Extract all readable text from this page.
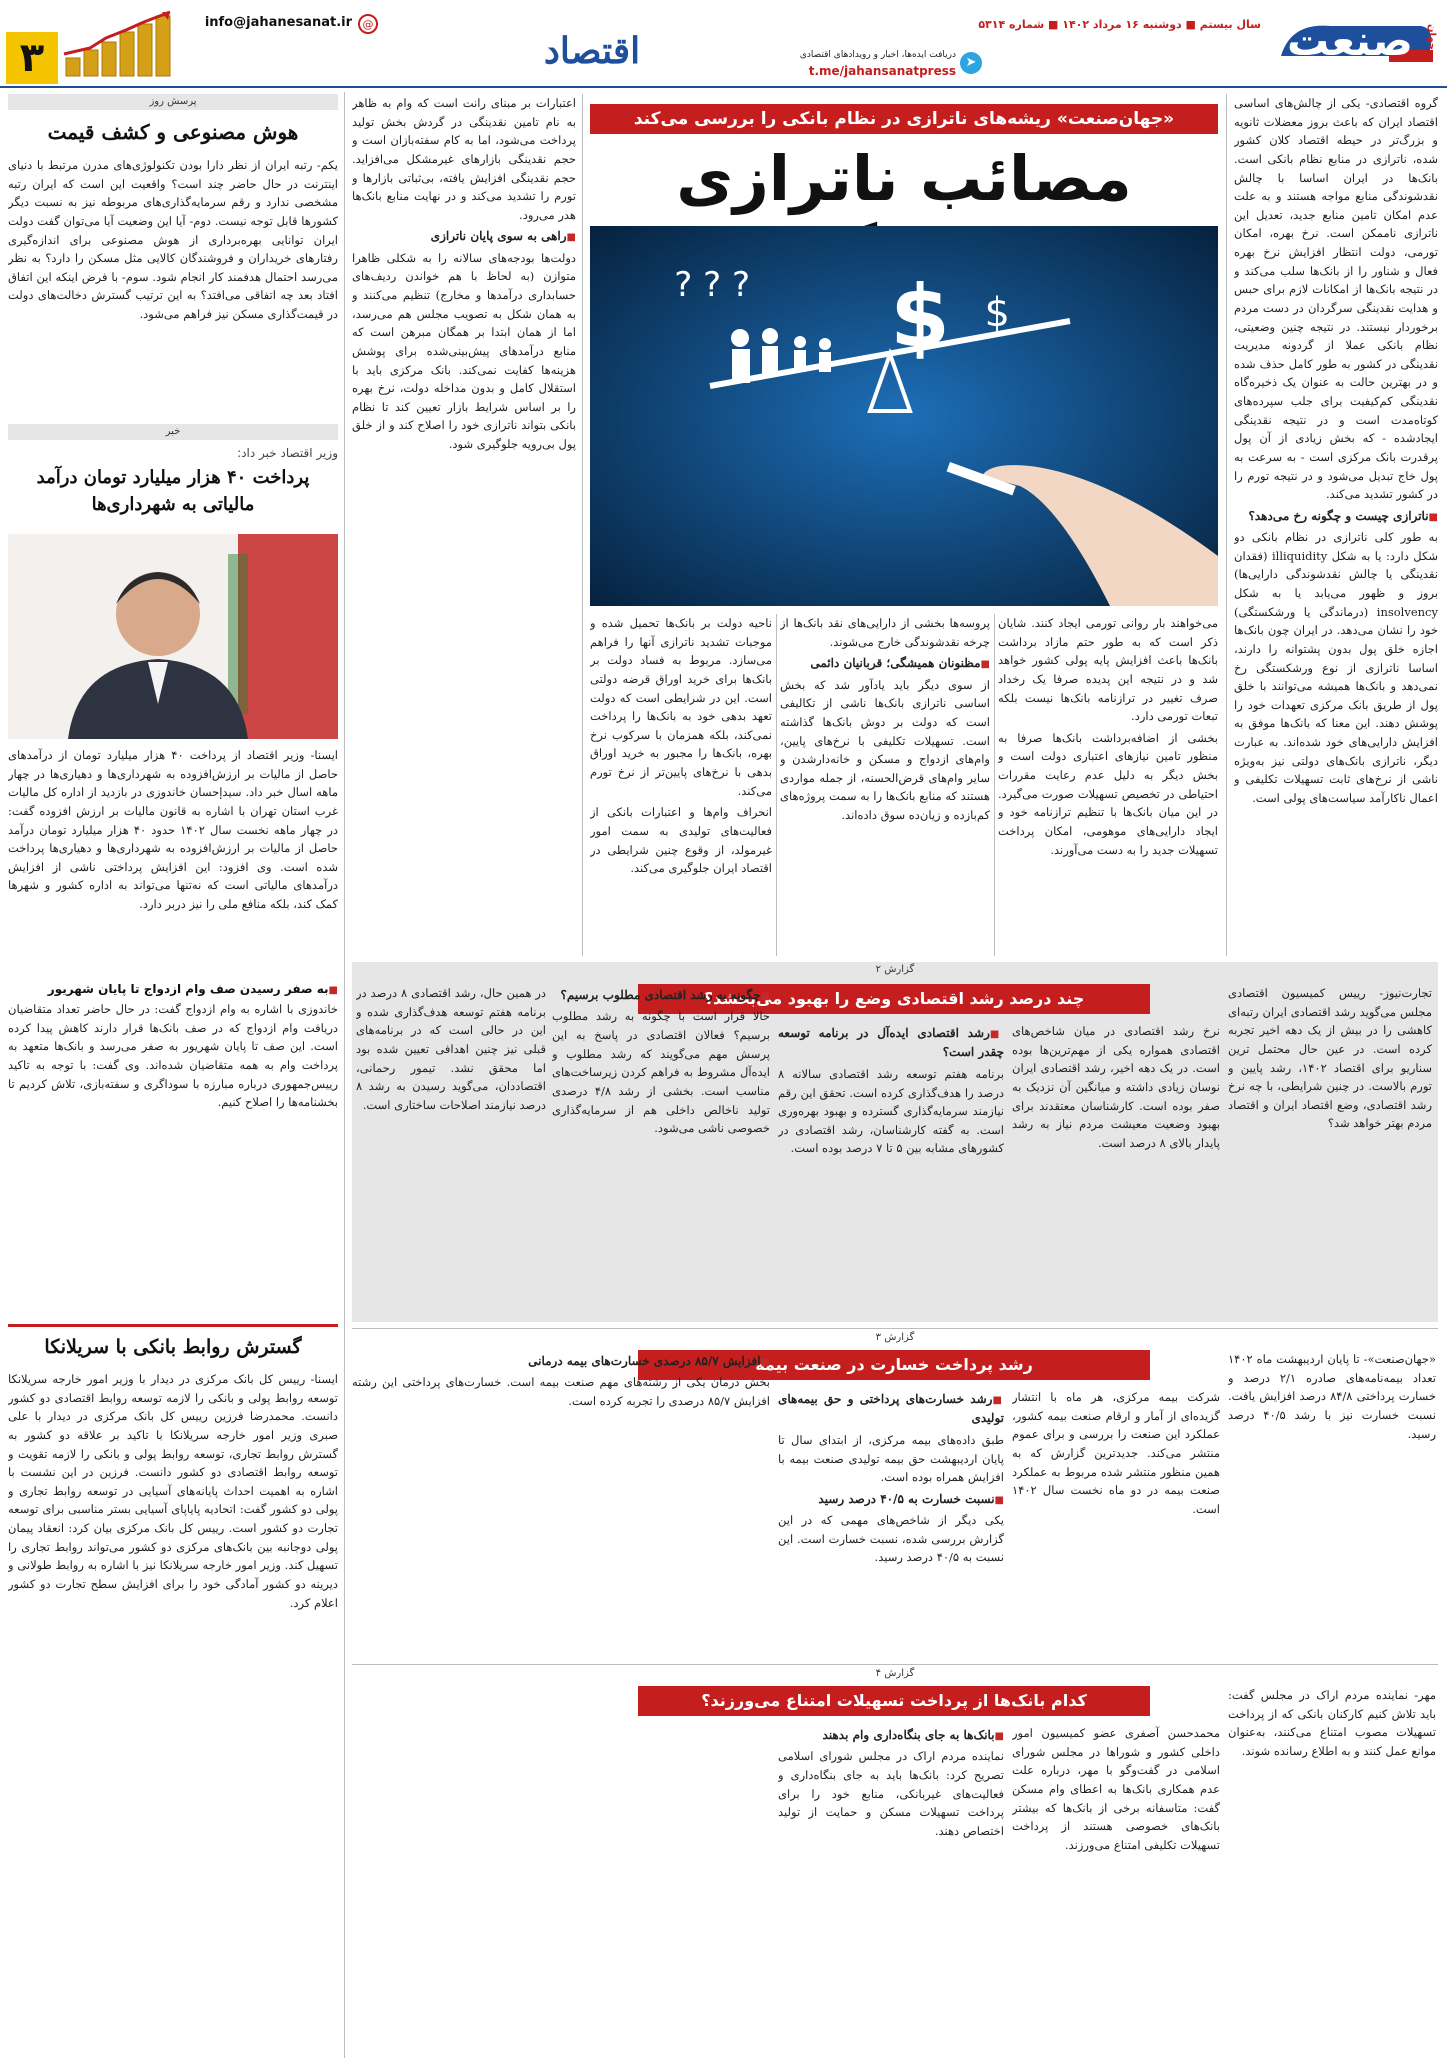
صنعت جهان
سال بیستم ■ دوشنبه ۱۶ مرداد ۱۴۰۲ ■ شماره ۵۳۱۴
➤
دریافت ایده‌ها، اخبار و رویدادهای اقتصادی
t.me/jahansanatpress
اقتصاد
@
info@jahanesanat.ir
۳
پرسش روز
هوش مصنوعی و کشف قیمت
یکم- رتبه ایران از نظر دارا بودن تکنولوژی‌های مدرن مرتبط با دنیای اینترنت در حال حاضر چند است؟ واقعیت این است که ایران رتبه مشخصی ندارد و رقم سرمایه‌گذاری‌های مربوطه نیز به نسبت دیگر کشورها قابل توجه نیست. دوم- آیا این وضعیت آیا می‌توان گفت دولت ایران توانایی بهره‌برداری از هوش مصنوعی برای اندازه‌گیری رفتارهای خریداران و فروشندگان کالایی مثل مسکن را دارد؟ به نظر می‌رسد احتمال هدفمند کار انجام شود. سوم- با فرض اینکه این اتفاق افتاد بعد چه اتفاقی می‌افتد؟ به این ترتیب گسترش دخالت‌های دولت در قیمت‌گذاری مسکن نیز فراهم می‌شود.
خبر
وزیر اقتصاد خبر داد:
پرداخت ۴۰ هزار میلیارد تومان درآمد مالیاتی به شهرداری‌ها
ایسنا- وزیر اقتصاد از پرداخت ۴۰ هزار میلیارد تومان از درآمدهای حاصل از مالیات بر ارزش‌افزوده به شهرداری‌ها و دهیاری‌ها در چهار ماهه اسال خبر داد. سیدإحسان خاندوزی در بازدید از اداره کل مالیات غرب استان تهران با اشاره به قانون مالیات بر ارزش افزوده گفت: در چهار ماهه نخست سال ۱۴۰۲ حدود ۴۰ هزار میلیارد تومان درآمد حاصل از مالیات بر ارزش‌افزوده به شهرداری‌ها و دهیاری‌ها پرداخت شده است. وی افزود: این افزایش پرداختی ناشی از افزایش درآمدهای مالیاتی است که نه‌تنها می‌تواند به اداره کشور و شهرها کمک کند، بلکه منافع ملی را نیز دربر دارد.
■ به صفر رسیدن صف وام ازدواج تا پایان شهریور
خاندوزی با اشاره به وام ازدواج گفت: در حال حاضر تعداد متقاضیان دریافت وام ازدواج که در صف بانک‌ها قرار دارند کاهش پیدا کرده است. این صف تا پایان شهریور به صفر می‌رسد و بانک‌ها متعهد به پرداخت وام به همه متقاضیان شده‌اند. وی گفت: با توجه به تاکید رییس‌جمهوری درباره مبارزه با سوداگری و سفته‌بازی، تلاش کردیم تا بخشنامه‌ها را اصلاح کنیم.
گسترش روابط بانکی با سریلانکا
ایسنا- رییس کل بانک مرکزی در دیدار با وزیر امور خارجه سریلانکا توسعه روابط پولی و بانکی را لازمه توسعه روابط اقتصادی دو کشور دانست. محمدرضا فرزین رییس کل بانک مرکزی در دیدار با علی صبری وزیر امور خارجه سریلانکا با تاکید بر علاقه دو کشور به گسترش روابط تجاری، توسعه روابط پولی و بانکی را لازمه تقویت و توسعه روابط اقتصادی دو کشور دانست. فرزین در این نشست با اشاره به اهمیت احداث پایانه‌های آسیایی در توسعه روابط تجاری و پولی دو کشور گفت: اتحادیه پایاپای آسیایی بستر مناسبی برای توسعه تجارت دو کشور است. رییس کل بانک مرکزی بیان کرد: انعقاد پیمان پولی دوجانبه بین بانک‌های مرکزی دو کشور می‌تواند روابط تجاری را تسهیل کند. وزیر امور خارجه سریلانکا نیز با اشاره به روابط طولانی و دیرینه دو کشور آمادگی خود را برای افزایش سطح تجارت دو کشور اعلام کرد.

گروه اقتصادی- یکی از چالش‌های اساسی اقتصاد ایران که باعث بروز معضلات ثانویه و بزرگ‌تر در حیطه اقتصاد کلان کشور شده، ناترازی در منابع نظام بانکی است. بانک‌ها در ایران اساسا با چالش نقدشوندگی منابع مواجه هستند و به علت عدم امکان تامین منابع جدید، تعدیل این ناترازی ناممکن است. نرخ بهره، امکان تورمی، دولت انتظار افزایش نرخ بهره فعال و شناور را از بانک‌ها سلب می‌کند و در نتیجه بانک‌ها از امکانات لازم برای حبس و هدایت نقدینگی سرگردان در دست مردم برخوردار نیستند. در نتیجه چنین وضعیتی، نظام بانکی عملا از گردونه مدیریت نقدینگی در کشور به طور کامل حذف شده و در بهترین حالت به عنوان یک ذخیره‌گاه نقدینگی کم‌کیفیت برای جلب سپرده‌های کوتاه‌مدت است و در نتیجه نقدینگی ایجادشده - که بخش زیادی از آن پول پرقدرت بانک مرکزی است - به سرعت به پول خاج تبدیل می‌شود و در نتیجه تورم را در کشور تشدید می‌کند.

■ ناترازی چیست و چگونه رخ می‌دهد؟

به طور کلی ناترازی در نظام بانکی دو شکل دارد: یا به شکل illiquidity (فقدان نقدینگی یا چالش نقدشوندگی دارایی‌ها) بروز و ظهور می‌یابد یا به شکل insolvency (درماندگی یا ورشکستگی) خود را نشان می‌دهد. در ایران چون بانک‌ها اجازه خلق پول بدون پشتوانه را دارند، اساسا ناترازی از نوع ورشکستگی رخ نمی‌دهد و بانک‌ها همیشه می‌توانند با خلق پول از طریق بانک مرکزی تعهدات خود را پوشش دهند. این معنا که بانک‌ها موفق به افزایش دارایی‌های خود شده‌اند. به عبارت دیگر، ناترازی بانک‌های دولتی نیز به‌ویژه ناشی از نرخ‌های ثابت تسهیلات تکلیفی و اعمال ناکارآمد سیاست‌های پولی است.

«جهان‌صنعت» ریشه‌های ناترازی در نظام بانکی را بررسی می‌کند
مصائب ناترازی
? ? ? $ $

می‌خواهند بار روانی تورمی ایجاد کنند. شایان ذکر است که به طور حتم مازاد برداشت بانک‌ها باعث افزایش پایه پولی کشور خواهد شد و در نتیجه این پدیده صرفا یک رخداد صرف تغییر در ترازنامه بانک‌ها نیست بلکه تبعات تورمی دارد.

بخشی از اضافه‌برداشت بانک‌ها صرفا به منظور تامین نیازهای اعتباری دولت است و بخش دیگر به دلیل عدم رعایت مقررات احتیاطی در تخصیص تسهیلات صورت می‌گیرد. در این میان بانک‌ها با تنظیم ترازنامه خود و ایجاد دارایی‌های موهومی، امکان پرداخت تسهیلات جدید را به دست می‌آورند.

پروسه‌ها بخشی از دارایی‌های نقد بانک‌ها از چرخه نقدشوندگی خارج می‌شوند.

■ مظنونان همیشگی؛ قربانیان دائمی

از سوی دیگر باید یادآور شد که بخش اساسی ناترازی بانک‌ها ناشی از تکالیفی است که دولت بر دوش بانک‌ها گذاشته است. تسهیلات تکلیفی با نرخ‌های پایین، وام‌های ازدواج و مسکن و خانه‌دارشدن و سایر وام‌های قرض‌الحسنه، از جمله مواردی هستند که منابع بانک‌ها را به سمت پروژه‌های کم‌بازده و زیان‌ده سوق داده‌اند.

ناحیه دولت بر بانک‌ها تحمیل شده و موجبات تشدید ناترازی آنها را فراهم می‌سازد. مربوط به فساد دولت بر بانک‌ها برای خرید اوراق قرضه دولتی است. این در شرایطی است که دولت تعهد بدهی خود به بانک‌ها را پرداخت نمی‌کند، بلکه همزمان با سرکوب نرخ بهره، بانک‌ها را مجبور به خرید اوراق بدهی با نرخ‌های پایین‌تر از نرخ تورم می‌کند.

انحراف وام‌ها و اعتبارات بانکی از فعالیت‌های تولیدی به سمت امور غیرمولد، از وقوع چنین شرایطی در اقتصاد ایران جلوگیری می‌کند.

اعتبارات بر مبنای رانت است که وام به ظاهر به نام تامین نقدینگی در گردش بخش تولید پرداخت می‌شود، اما به کام سفته‌بازان است و حجم نقدینگی بازارهای غیرمشکل می‌افزاید. حجم نقدینگی افزایش یافته، بی‌ثباتی بازارها و تورم را تشدید می‌کند و در نهایت منابع بانک‌ها هدر می‌رود.

■ راهی به سوی پایان ناترازی

دولت‌ها بودجه‌های سالانه را به شکلی ظاهرا متوازن (به لحاظ با هم خواندن ردیف‌های حسابداری درآمدها و مخارج) تنظیم می‌کنند و به همان شکل به تصویب مجلس هم می‌رسد، اما از همان ابتدا بر همگان مبرهن است که منابع درآمدهای پیش‌بینی‌شده برای پوشش هزینه‌ها کفایت نمی‌کند. بانک مرکزی باید با استقلال کامل و بدون مداخله دولت، نرخ بهره را بر اساس شرایط بازار تعیین کند تا نظام بانکی بتواند ناترازی خود را اصلاح کند و از خلق پول بی‌رویه جلوگیری شود.

گزارش ۲
چند درصد رشد اقتصادی وضع را بهبود می‌بخشد؟	تجارت‌نیوز- رییس کمیسیون اقتصادی مجلس می‌گوید رشد اقتصادی ایران رتبه‌ای کاهشی را در بیش از یک دهه اخیر تجربه کرده است. در عین حال محتمل ترین سناریو برای اقتصاد ۱۴۰۲، رشد پایین و تورم بالاست. در چنین شرایطی، با چه نرخ رشد اقتصادی، وضع اقتصاد ایران و اقتصاد مردم بهتر خواهد شد؟
نرخ رشد اقتصادی در میان شاخص‌های اقتصادی همواره یکی از مهم‌ترین‌ها بوده است. در یک دهه اخیر، رشد اقتصادی ایران نوسان زیادی داشته و میانگین آن نزدیک به صفر بوده است. کارشناسان معتقدند برای بهبود وضعیت معیشت مردم نیاز به رشد پایدار بالای ۸ درصد است.
■ رشد اقتصادی ایده‌آل در برنامه توسعه چقدر است؟

برنامه هفتم توسعه رشد اقتصادی سالانه ۸ درصد را هدف‌گذاری کرده است. تحقق این رقم نیازمند سرمایه‌گذاری گسترده و بهبود بهره‌وری است. به گفته کارشناسان، رشد اقتصادی در کشورهای مشابه بین ۵ تا ۷ درصد بوده است.

■ چگونه به رشد اقتصادی مطلوب برسیم؟

حالا قرار است با چگونه به رشد مطلوب برسیم؟ فعالان اقتصادی در پاسخ به این پرسش مهم می‌گویند که رشد مطلوب و ایده‌آل مشروط به فراهم کردن زیرساخت‌های مناسب است. بخشی از رشد ۴/۸ درصدی تولید ناخالص داخلی هم از سرمایه‌گذاری خصوصی ناشی می‌شود.

در همین حال، رشد اقتصادی ۸ درصد در برنامه هفتم توسعه هدف‌گذاری شده و این در حالی است که در برنامه‌های قبلی نیز چنین اهدافی تعیین شده بود اما محقق نشد. تیمور رحمانی، اقتصاددان، می‌گوید رسیدن به رشد ۸ درصد نیازمند اصلاحات ساختاری است.
گزارش ۳
رشد پرداخت خسارت در صنعت بیمه	«جهان‌صنعت»- تا پایان اردیبهشت ماه ۱۴۰۲ تعداد بیمه‌نامه‌های صادره ۲/۱ درصد و خسارت پرداختی ۸۴/۸ درصد افزایش یافت. نسبت خسارت نیز با رشد ۴۰/۵ درصد رسید.
شرکت بیمه مرکزی، هر ماه با انتشار گزیده‌ای از آمار و ارقام صنعت بیمه کشور، عملکرد این صنعت را بررسی و برای عموم منتشر می‌کند. جدیدترین گزارش که به همین منظور منتشر شده مربوط به عملکرد صنعت بیمه در دو ماه نخست سال ۱۴۰۲ است.
■ رشد خسارت‌های پرداختی و حق بیمه‌های تولیدی

طبق داده‌های بیمه مرکزی، از ابتدای سال تا پایان اردیبهشت حق بیمه تولیدی صنعت بیمه با افزایش همراه بوده است.

■ نسبت خسارت به ۴۰/۵ درصد رسید

یکی دیگر از شاخص‌های مهمی که در این گزارش بررسی شده، نسبت خسارت است. این نسبت به ۴۰/۵ درصد رسید.

■ افزایش ۸۵/۷ درصدی خسارت‌های بیمه درمانی

بخش درمان یکی از رشته‌های مهم صنعت بیمه است. خسارت‌های پرداختی این رشته افزایش ۸۵/۷ درصدی را تجربه کرده است.

گزارش ۴
کدام بانک‌ها از پرداخت تسهیلات امتناع می‌ورزند؟	مهر- نماینده مردم اراک در مجلس گفت: باید تلاش کنیم کارکنان بانکی که از پرداخت تسهیلات مصوب امتناع می‌کنند، به‌عنوان موانع عمل کنند و به اطلاع رسانده شوند.
محمدحسن آصفری عضو کمیسیون امور داخلی کشور و شوراها در مجلس شورای اسلامی در گفت‌وگو با مهر، درباره علت عدم همکاری بانک‌ها به اعطای وام مسکن گفت: متاسفانه برخی از بانک‌ها که بیشتر بانک‌های خصوصی هستند از پرداخت تسهیلات تکلیفی امتناع می‌ورزند.
■ بانک‌ها به جای بنگاه‌داری وام بدهند

نماینده مردم اراک در مجلس شورای اسلامی تصریح کرد: بانک‌ها باید به جای بنگاه‌داری و فعالیت‌های غیربانکی، منابع خود را برای پرداخت تسهیلات مسکن و حمایت از تولید اختصاص دهند.
